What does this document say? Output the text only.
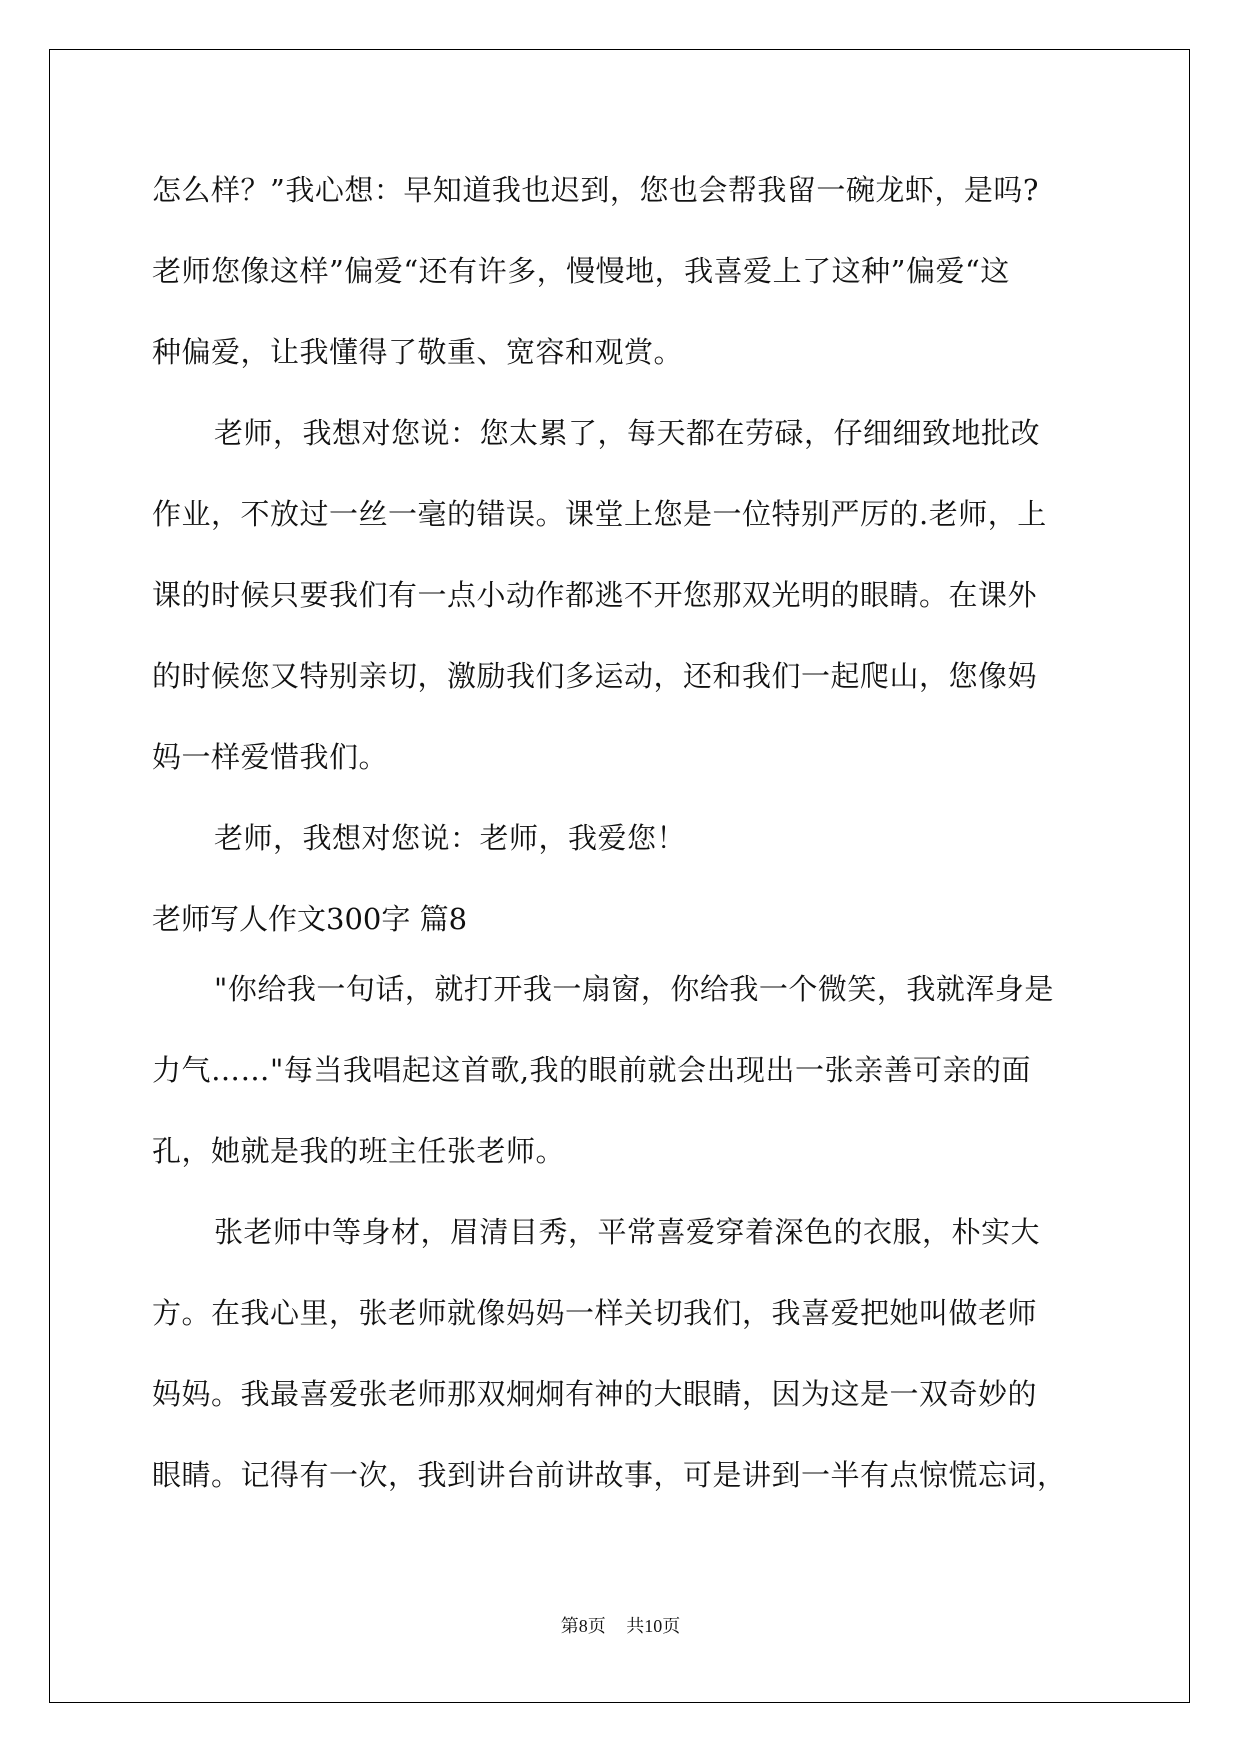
怎么样？”我心想：早知道我也迟到，您也会帮我留一碗龙虾，是吗?
老师您像这样”偏爱“还有许多，慢慢地，我喜爱上了这种”偏爱“这
种偏爱，让我懂得了敬重、宽容和观赏。
老师，我想对您说：您太累了，每天都在劳碌，仔细细致地批改
作业，不放过一丝一毫的错误。课堂上您是一位特别严厉的.老师，上
课的时候只要我们有一点小动作都逃不开您那双光明的眼睛。在课外
的时候您又特别亲切，激励我们多运动，还和我们一起爬山，您像妈
妈一样爱惜我们。
老师，我想对您说：老师，我爱您！
老师写人作文300字 篇8
"你给我一句话，就打开我一扇窗，你给我一个微笑，我就浑身是
力气……"每当我唱起这首歌,我的眼前就会出现出一张亲善可亲的面
孔，她就是我的班主任张老师。
张老师中等身材，眉清目秀，平常喜爱穿着深色的衣服，朴实大
方。在我心里，张老师就像妈妈一样关切我们，我喜爱把她叫做老师
妈妈。我最喜爱张老师那双炯炯有神的大眼睛，因为这是一双奇妙的
眼睛。记得有一次，我到讲台前讲故事，可是讲到一半有点惊慌忘词，
第8页 共10页
